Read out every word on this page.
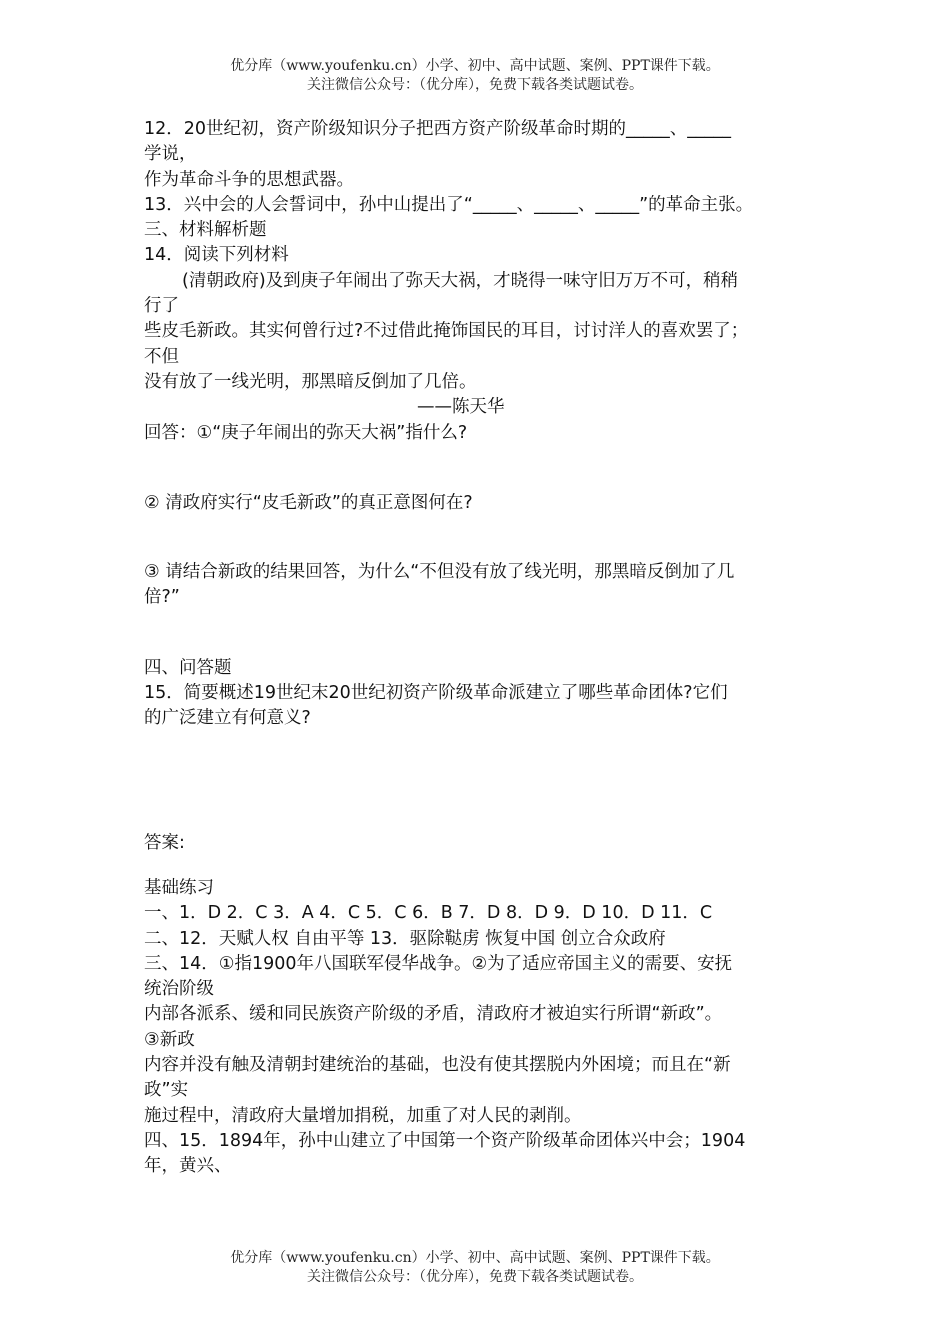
优分库（www.youfenku.cn）小学、初中、高中试题、案例、PPT课件下载。
关注微信公众号：（优分库），免费下载各类试题试卷。
12．20世纪初，资产阶级知识分子把西方资产阶级革命时期的_____、_____
学说，
作为革命斗争的思想武器。
13．兴中会的人会誓词中，孙中山提出了“_____、_____、_____”的革命主张。
三、材料解析题
14．阅读下列材料
(清朝政府)及到庚子年闹出了弥天大祸，才晓得一味守旧万万不可，稍稍
行了
些皮毛新政。其实何曾行过?不过借此掩饰国民的耳目，讨讨洋人的喜欢罢了；
不但
没有放了一线光明，那黑暗反倒加了几倍。
——陈天华
回答：①“庚子年闹出的弥天大祸”指什么?
② 清政府实行“皮毛新政”的真正意图何在?
③ 请结合新政的结果回答，为什么“不但没有放了线光明，那黑暗反倒加了几
倍?”
四、问答题
15．简要概述19世纪末20世纪初资产阶级革命派建立了哪些革命团体?它们
的广泛建立有何意义?
答案:
基础练习
一、1．D 2．C 3．A 4．C 5．C 6．B 7．D 8．D 9．D 10．D 11．C
二、12．天赋人权 自由平等 13．驱除鞑虏 恢复中国 创立合众政府
三、14．①指1900年八国联军侵华战争。②为了适应帝国主义的需要、安抚
统治阶级
内部各派系、缓和同民族资产阶级的矛盾，清政府才被迫实行所谓“新政”。
③新政
内容并没有触及清朝封建统治的基础，也没有使其摆脱内外困境；而且在“新
政”实
施过程中，清政府大量增加捐税，加重了对人民的剥削。
四、15．1894年，孙中山建立了中国第一个资产阶级革命团体兴中会；1904
年，黄兴、
优分库（www.youfenku.cn）小学、初中、高中试题、案例、PPT课件下载。
关注微信公众号：（优分库），免费下载各类试题试卷。
